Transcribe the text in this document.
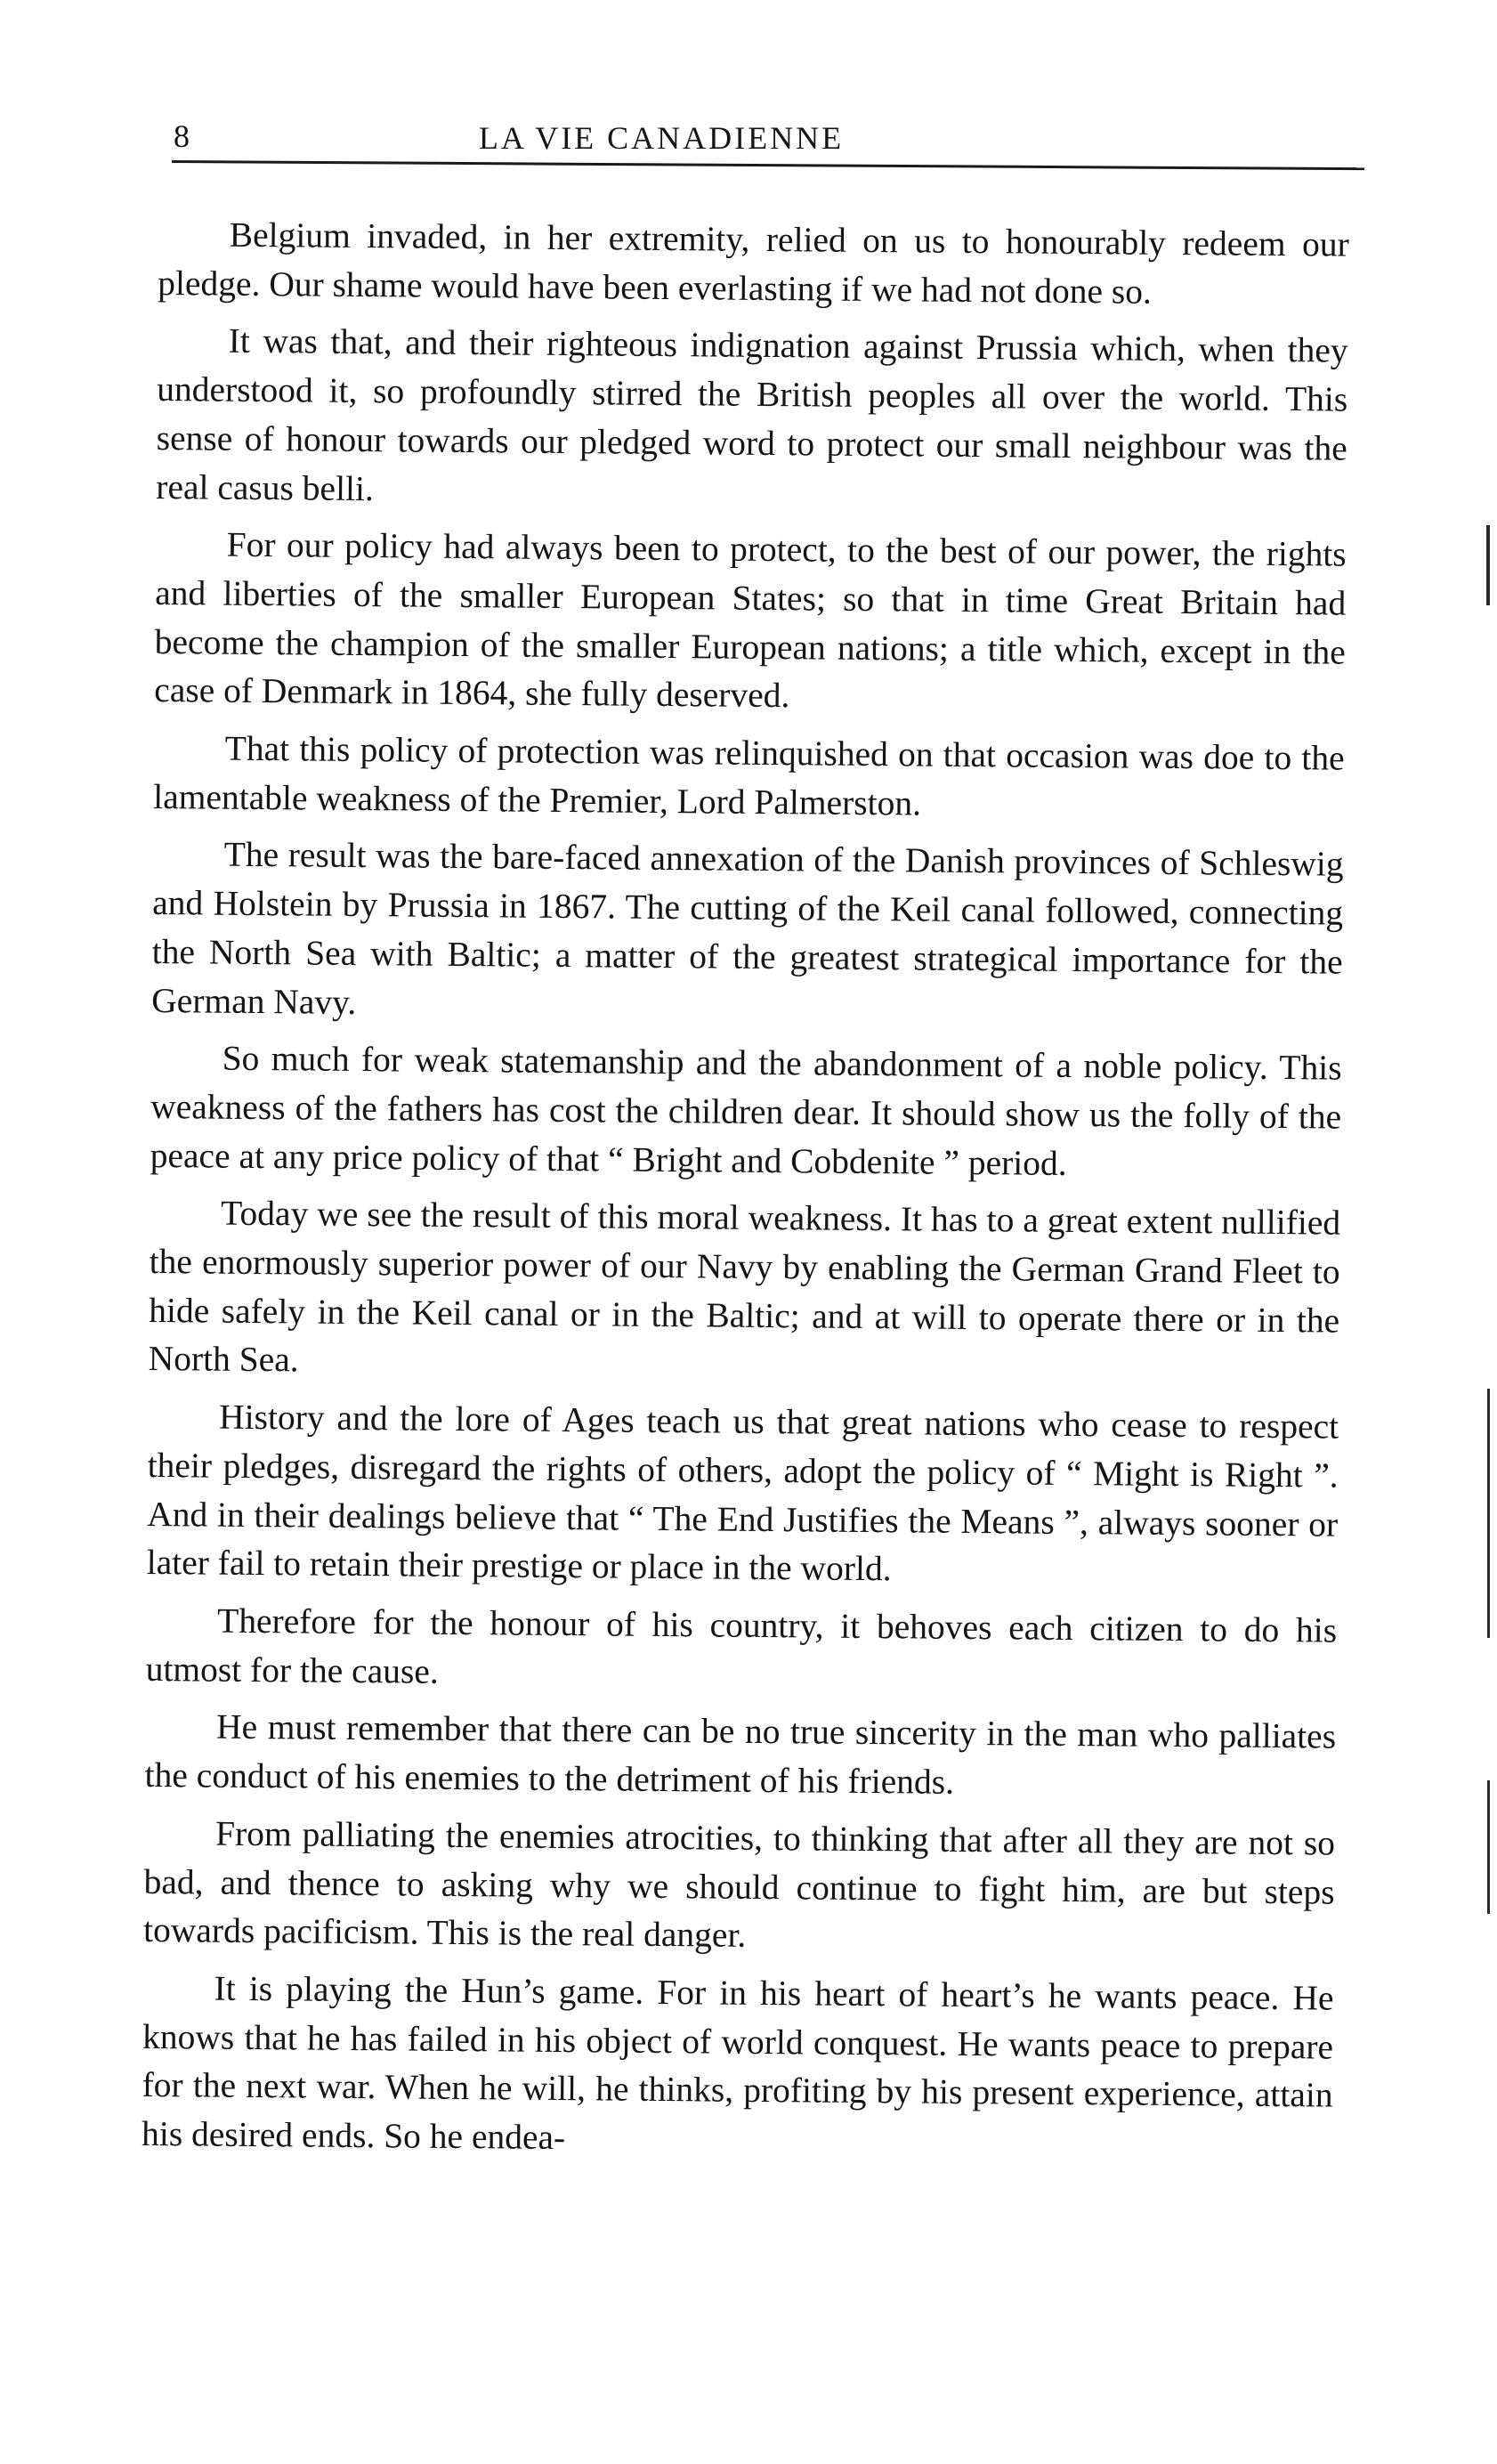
8	LA VIE CANADIENNE

Belgium invaded, in her extremity, relied on us to honourably redeem our pledge. Our shame would have been everlasting if we had not done so.

It was that, and their righteous indignation against Prussia which, when they understood it, so profoundly stirred the British peoples all over the world. This sense of honour towards our pledged word to protect our small neighbour was the real casus belli.

For our policy had always been to protect, to the best of our power, the rights and liberties of the smaller European States; so that in time Great Britain had become the champion of the smaller European nations; a title which, except in the case of Denmark in 1864, she fully deserved.

That this policy of protection was relinquished on that occasion was doe to the lamentable weakness of the Premier, Lord Palmerston.

The result was the bare-faced annexation of the Danish provinces of Schleswig and Holstein by Prussia in 1867. The cutting of the Keil canal followed, connecting the North Sea with Baltic; a matter of the greatest strategical importance for the German Navy.

So much for weak statemanship and the abandonment of a noble policy. This weakness of the fathers has cost the children dear. It should show us the folly of the peace at any price policy of that “ Bright and Cobdenite ” period.

Today we see the result of this moral weakness. It has to a great extent nullified the enormously superior power of our Navy by enabling the German Grand Fleet to hide safely in the Keil canal or in the Baltic; and at will to operate there or in the North Sea.

History and the lore of Ages teach us that great nations who cease to respect their pledges, disregard the rights of others, adopt the policy of “ Might is Right ”. And in their dealings believe that “ The End Justifies the Means ”, always sooner or later fail to retain their prestige or place in the world.

Therefore for the honour of his country, it behoves each citizen to do his utmost for the cause.

He must remember that there can be no true sincerity in the man who palliates the conduct of his enemies to the detriment of his friends.

From palliating the enemies atrocities, to thinking that after all they are not so bad, and thence to asking why we should continue to fight him, are but steps towards pacificism. This is the real danger.

It is playing the Hun’s game. For in his heart of heart’s he wants peace. He knows that he has failed in his object of world conquest. He wants peace to prepare for the next war. When he will, he thinks, profiting by his present experience, attain his desired ends. So he endea-
